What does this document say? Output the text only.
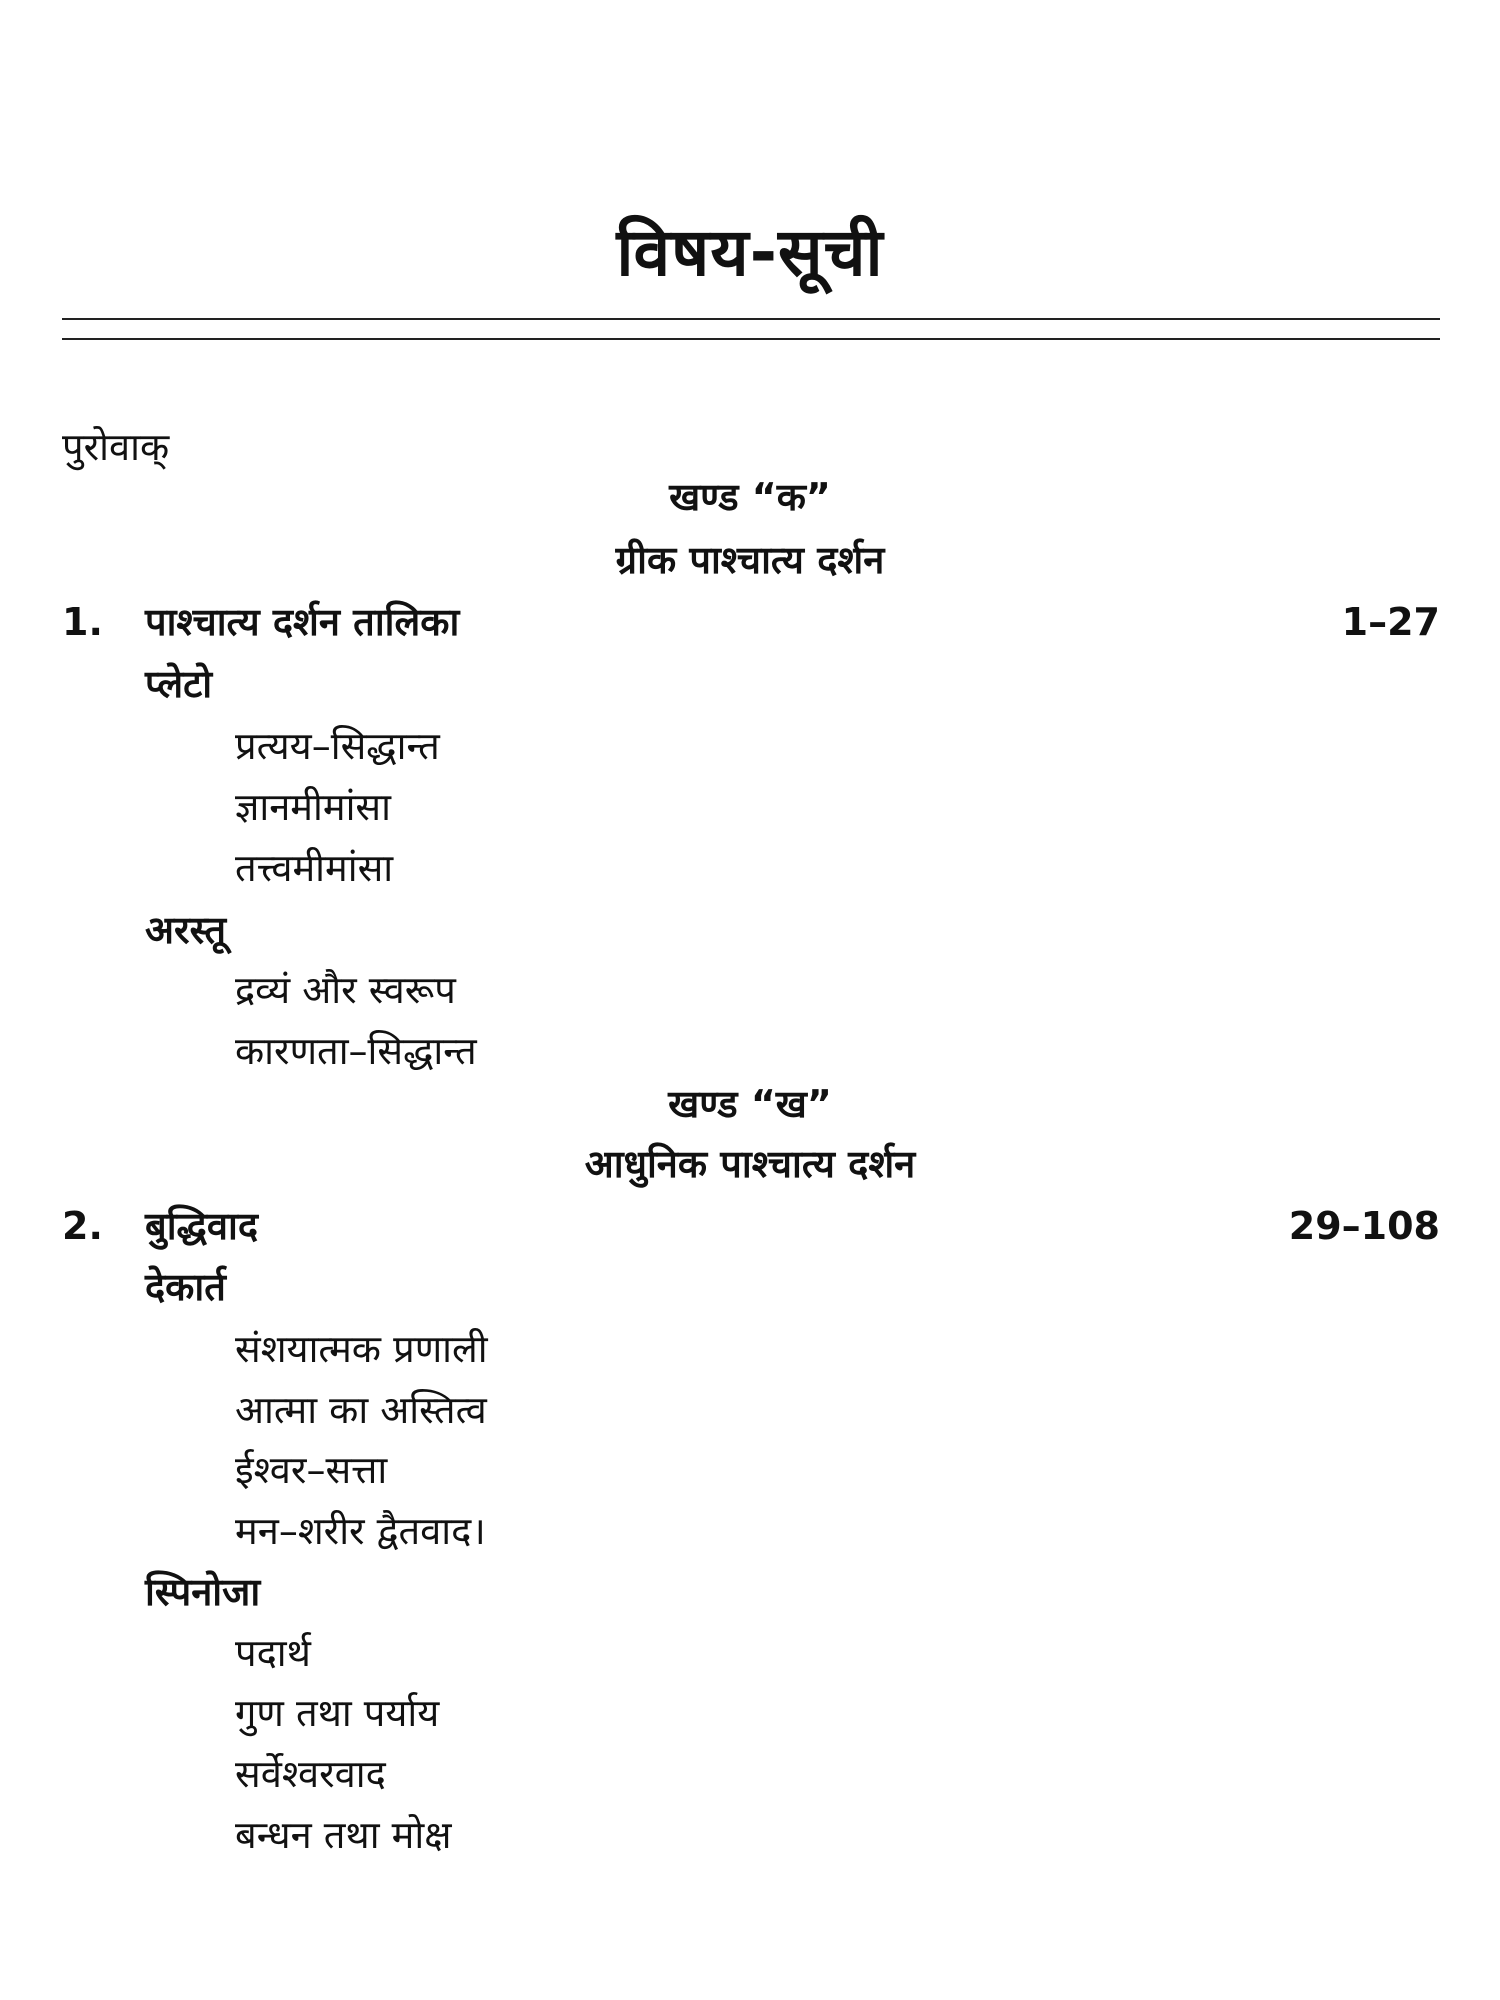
विषय-सूची
पुरोवाक्
खण्ड “क”
ग्रीक पाश्चात्य दर्शन
1.	पाश्चात्य दर्शन तालिका	1–27
प्लेटो
प्रत्यय–सिद्धान्त
ज्ञानमीमांसा
तत्त्वमीमांसा
अरस्तू
द्रव्यं और स्वरूप
कारणता–सिद्धान्त
खण्ड “ख”
आधुनिक पाश्चात्य दर्शन
2.	बुद्धिवाद	29–108
देकार्त
संशयात्मक प्रणाली
आत्मा का अस्तित्व
ईश्वर–सत्ता
मन–शरीर द्वैतवाद।
स्पिनोजा
पदार्थ
गुण तथा पर्याय
सर्वेश्वरवाद
बन्धन तथा मोक्ष
